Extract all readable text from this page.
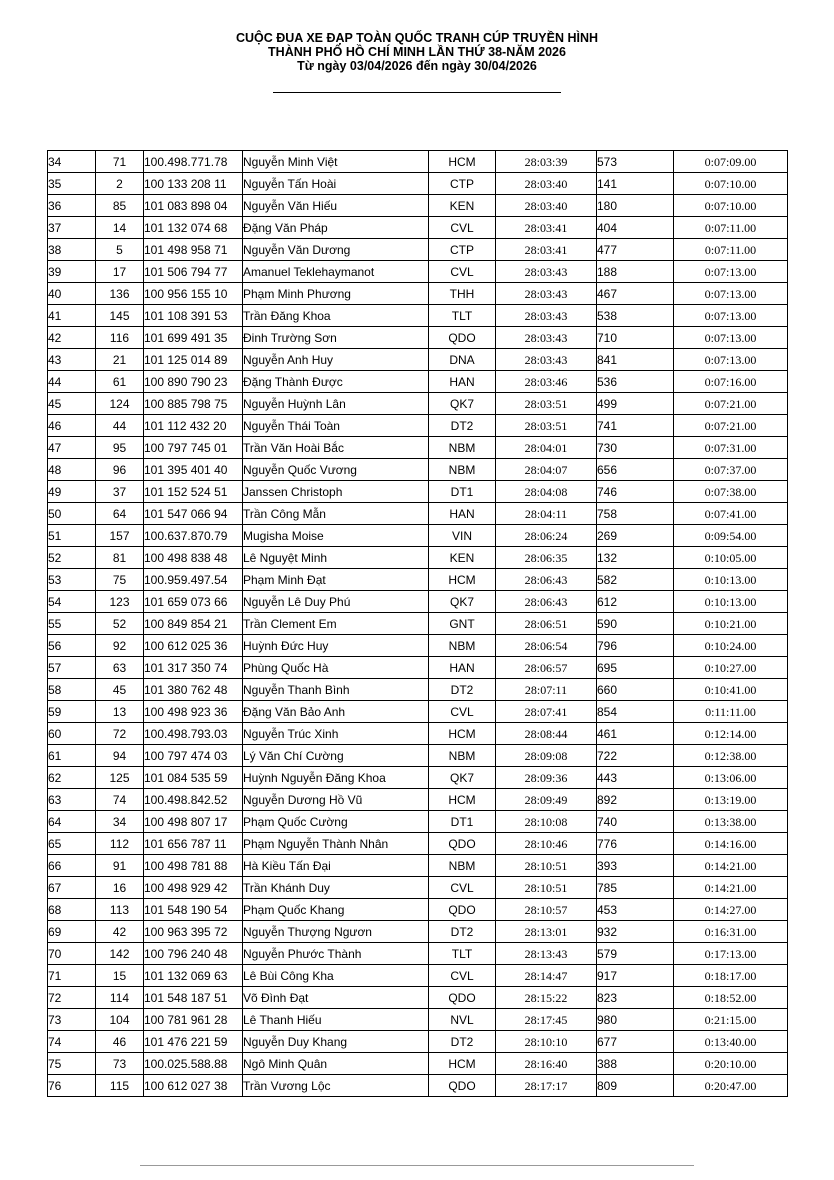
CUỘC ĐUA XE ĐẠP TOÀN QUỐC TRANH CÚP TRUYỀN HÌNH
THÀNH PHỐ HỒ CHÍ MINH LẦN THỨ 38-NĂM 2026
Từ ngày 03/04/2026 đến ngày 30/04/2026
34	71	100.498.771.78	Nguyễn Minh Việt	HCM	28:03:39	573	0:07:09.00
35	2	100 133 208 11	Nguyễn Tấn Hoài	CTP	28:03:40	141	0:07:10.00
36	85	101 083 898 04	Nguyễn Văn Hiếu	KEN	28:03:40	180	0:07:10.00
37	14	101 132 074 68	Đặng Văn Pháp	CVL	28:03:41	404	0:07:11.00
38	5	101 498 958 71	Nguyễn Văn Dương	CTP	28:03:41	477	0:07:11.00
39	17	101 506 794 77	Amanuel Teklehaymanot	CVL	28:03:43	188	0:07:13.00
40	136	100 956 155 10	Phạm Minh Phương	THH	28:03:43	467	0:07:13.00
41	145	101 108 391 53	Trần Đăng Khoa	TLT	28:03:43	538	0:07:13.00
42	116	101 699 491 35	Đinh Trường Sơn	QDO	28:03:43	710	0:07:13.00
43	21	101 125 014 89	Nguyễn Anh Huy	DNA	28:03:43	841	0:07:13.00
44	61	100 890 790 23	Đặng Thành Được	HAN	28:03:46	536	0:07:16.00
45	124	100 885 798 75	Nguyễn Huỳnh Lân	QK7	28:03:51	499	0:07:21.00
46	44	101 112 432 20	Nguyễn Thái Toàn	DT2	28:03:51	741	0:07:21.00
47	95	100 797 745 01	Trần Văn Hoài Bắc	NBM	28:04:01	730	0:07:31.00
48	96	101 395 401 40	Nguyễn Quốc Vương	NBM	28:04:07	656	0:07:37.00
49	37	101 152 524 51	Janssen Christoph	DT1	28:04:08	746	0:07:38.00
50	64	101 547 066 94	Trần Công Mẫn	HAN	28:04:11	758	0:07:41.00
51	157	100.637.870.79	Mugisha Moise	VIN	28:06:24	269	0:09:54.00
52	81	100 498 838 48	Lê Nguyệt Minh	KEN	28:06:35	132	0:10:05.00
53	75	100.959.497.54	Phạm Minh Đạt	HCM	28:06:43	582	0:10:13.00
54	123	101 659 073 66	Nguyễn Lê Duy Phú	QK7	28:06:43	612	0:10:13.00
55	52	100 849 854 21	Trần Clement Em	GNT	28:06:51	590	0:10:21.00
56	92	100 612 025 36	Huỳnh Đức Huy	NBM	28:06:54	796	0:10:24.00
57	63	101 317 350 74	Phùng Quốc Hà	HAN	28:06:57	695	0:10:27.00
58	45	101 380 762 48	Nguyễn Thanh Bình	DT2	28:07:11	660	0:10:41.00
59	13	100 498 923 36	Đặng Văn Bảo Anh	CVL	28:07:41	854	0:11:11.00
60	72	100.498.793.03	Nguyễn Trúc Xinh	HCM	28:08:44	461	0:12:14.00
61	94	100 797 474 03	Lý Văn Chí Cường	NBM	28:09:08	722	0:12:38.00
62	125	101 084 535 59	Huỳnh Nguyễn Đăng Khoa	QK7	28:09:36	443	0:13:06.00
63	74	100.498.842.52	Nguyễn Dương Hồ Vũ	HCM	28:09:49	892	0:13:19.00
64	34	100 498 807 17	Phạm Quốc Cường	DT1	28:10:08	740	0:13:38.00
65	112	101 656 787 11	Phạm Nguyễn Thành Nhân	QDO	28:10:46	776	0:14:16.00
66	91	100 498 781 88	Hà Kiều Tấn Đại	NBM	28:10:51	393	0:14:21.00
67	16	100 498 929 42	Trần Khánh Duy	CVL	28:10:51	785	0:14:21.00
68	113	101 548 190 54	Phạm Quốc Khang	QDO	28:10:57	453	0:14:27.00
69	42	100 963 395 72	Nguyễn Thượng Ngươn	DT2	28:13:01	932	0:16:31.00
70	142	100 796 240 48	Nguyễn Phước Thành	TLT	28:13:43	579	0:17:13.00
71	15	101 132 069 63	Lê Bùi Công Kha	CVL	28:14:47	917	0:18:17.00
72	114	101 548 187 51	Võ Đình Đạt	QDO	28:15:22	823	0:18:52.00
73	104	100 781 961 28	Lê Thanh Hiếu	NVL	28:17:45	980	0:21:15.00
74	46	101 476 221 59	Nguyễn Duy Khang	DT2	28:10:10	677	0:13:40.00
75	73	100.025.588.88	Ngô Minh Quân	HCM	28:16:40	388	0:20:10.00
76	115	100 612 027 38	Trần Vương Lộc	QDO	28:17:17	809	0:20:47.00
